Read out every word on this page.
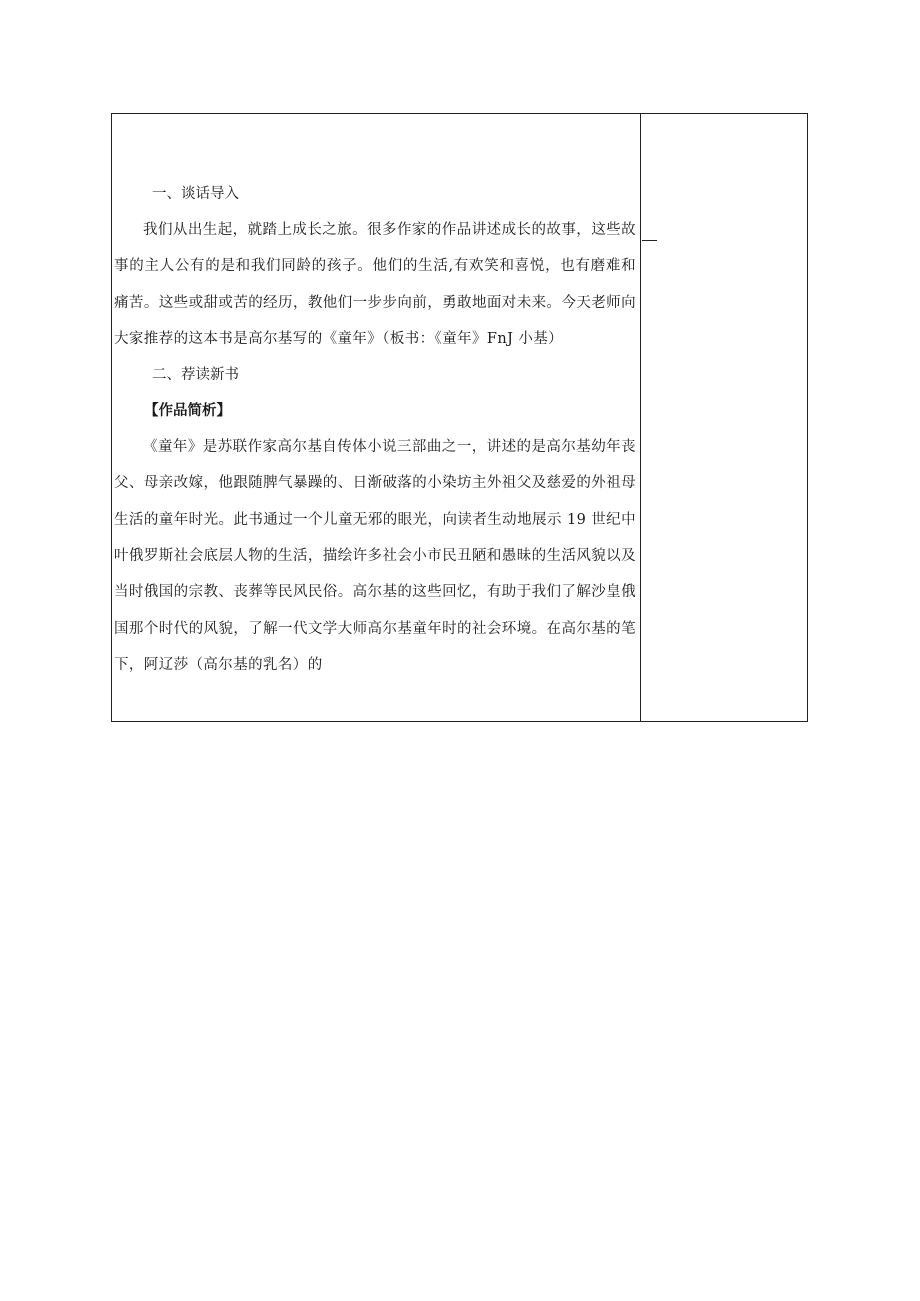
一、谈话导入

我们从出生起，就踏上成长之旅。很多作家的作品讲述成长的故事，这些故事的主人公有的是和我们同龄的孩子。他们的生活,有欢笑和喜悦，也有磨难和痛苦。这些或甜或苦的经历，教他们一步步向前，勇敢地面对未来。今天老师向大家推荐的这本书是高尔基写的《童年》（板书：《童年》FnJ 小基）

二、荐读新书

【作品简析】

《童年》是苏联作家高尔基自传体小说三部曲之一，讲述的是高尔基幼年丧父、母亲改嫁，他跟随脾气暴躁的、日渐破落的小染坊主外祖父及慈爱的外祖母生活的童年时光。此书通过一个儿童无邪的眼光，向读者生动地展示 19 世纪中叶俄罗斯社会底层人物的生活，描绘许多社会小市民丑陋和愚昧的生活风貌以及当时俄国的宗教、丧葬等民风民俗。高尔基的这些回忆，有助于我们了解沙皇俄国那个时代的风貌，了解一代文学大师高尔基童年时的社会环境。在高尔基的笔下，阿辽莎（高尔基的乳名）的
